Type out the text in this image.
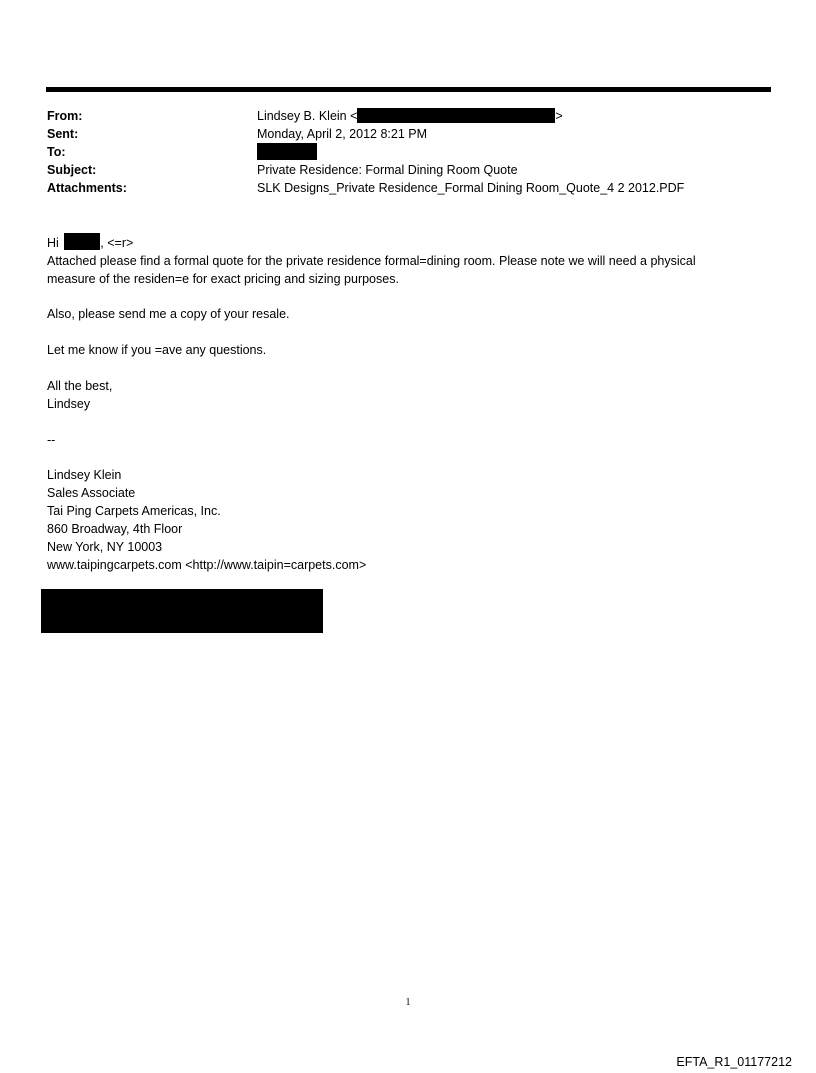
From:	Lindsey B. Klein <	>
Sent:	Monday, April 2, 2012 8:21 PM
To:
Subject:	Private Residence: Formal Dining Room Quote
Attachments:	SLK Designs_Private Residence_Formal Dining Room_Quote_4 2 2012.PDF

Hi	, <=r>

Attached please find a formal quote for the private residence formal=dining room. Please note we will need a physical

measure of the residen=e for exact pricing and sizing purposes.

Also, please send me a copy of your resale.

Let me know if you =ave any questions.

All the best,

Lindsey

--

Lindsey Klein

Sales Associate

Tai Ping Carpets Americas, Inc.

860 Broadway, 4th Floor

New York, NY 10003

www.taipingcarpets.com <http://www.taipin=carpets.com>

1
EFTA_R1_01177212
